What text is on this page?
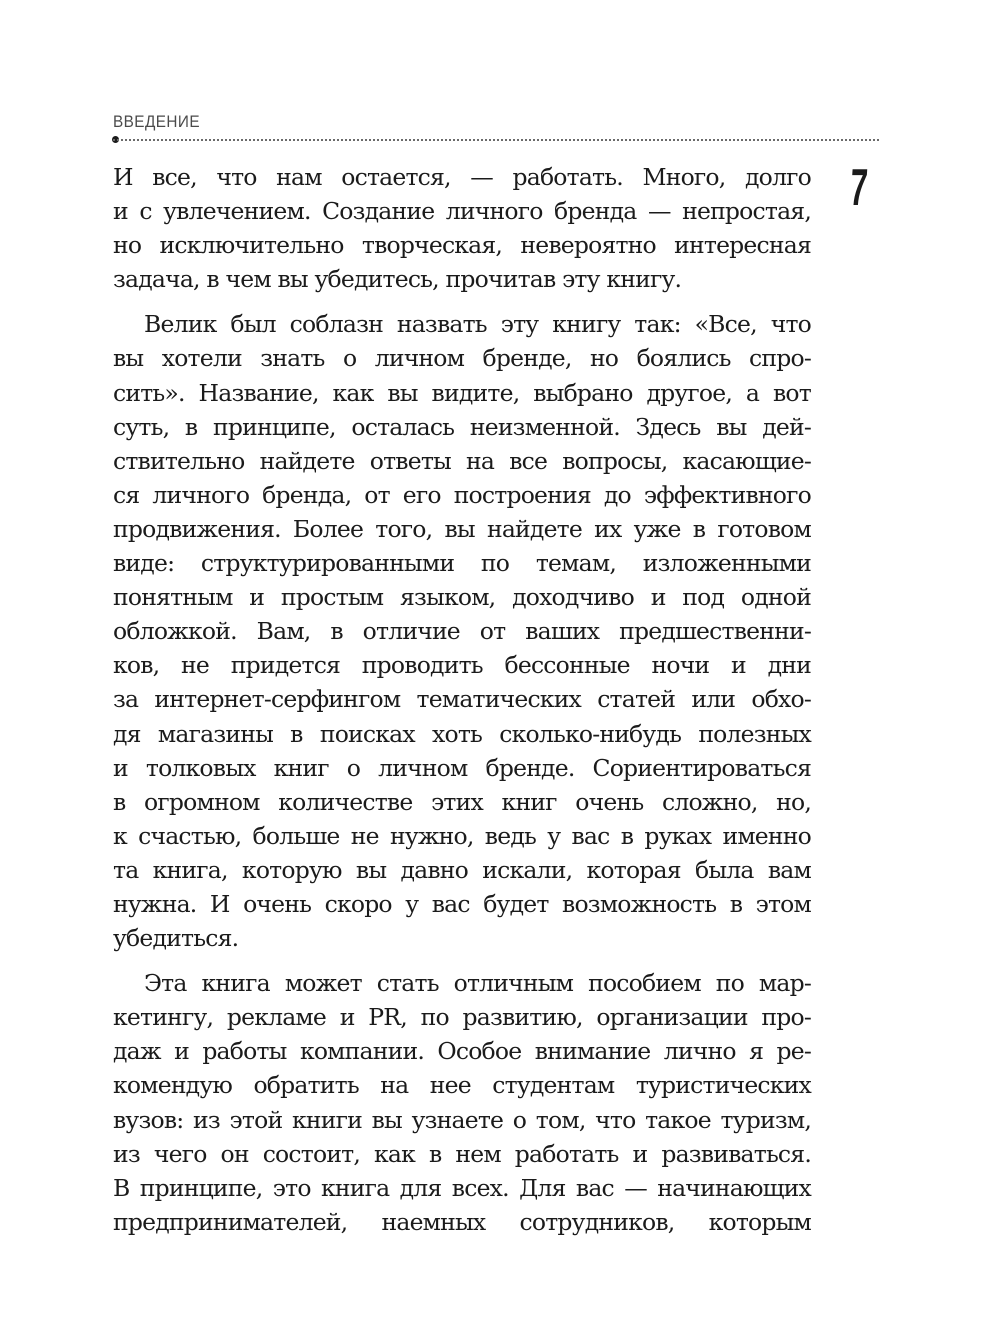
ВВЕДЕНИЕ
7
И все, что нам остается, — работать. Много, долго
и с увлечением. Создание личного бренда — непростая,
но исключительно творческая, невероятно интересная
задача, в чем вы убедитесь, прочитав эту книгу.
Велик был соблазн назвать эту книгу так: «Все, что
вы хотели знать о личном бренде, но боялись спро-
сить». Название, как вы видите, выбрано другое, а вот
суть, в принципе, осталась неизменной. Здесь вы дей-
ствительно найдете ответы на все вопросы, касающие-
ся личного бренда, от его построения до эффективного
продвижения. Более того, вы найдете их уже в готовом
виде: структурированными по темам, изложенными
понятным и простым языком, доходчиво и под одной
обложкой. Вам, в отличие от ваших предшественни-
ков, не придется проводить бессонные ночи и дни
за интернет-серфингом тематических статей или обхо-
дя магазины в поисках хоть сколько-нибудь полезных
и толковых книг о личном бренде. Сориентироваться
в огромном количестве этих книг очень сложно, но,
к счастью, больше не нужно, ведь у вас в руках именно
та книга, которую вы давно искали, которая была вам
нужна. И очень скоро у вас будет возможность в этом
убедиться.
Эта книга может стать отличным пособием по мар-
кетингу, рекламе и PR, по развитию, организации про-
даж и работы компании. Особое внимание лично я ре-
комендую обратить на нее студентам туристических
вузов: из этой книги вы узнаете о том, что такое туризм,
из чего он состоит, как в нем работать и развиваться.
В принципе, это книга для всех. Для вас — начинающих
предпринимателей, наемных сотрудников, которым
